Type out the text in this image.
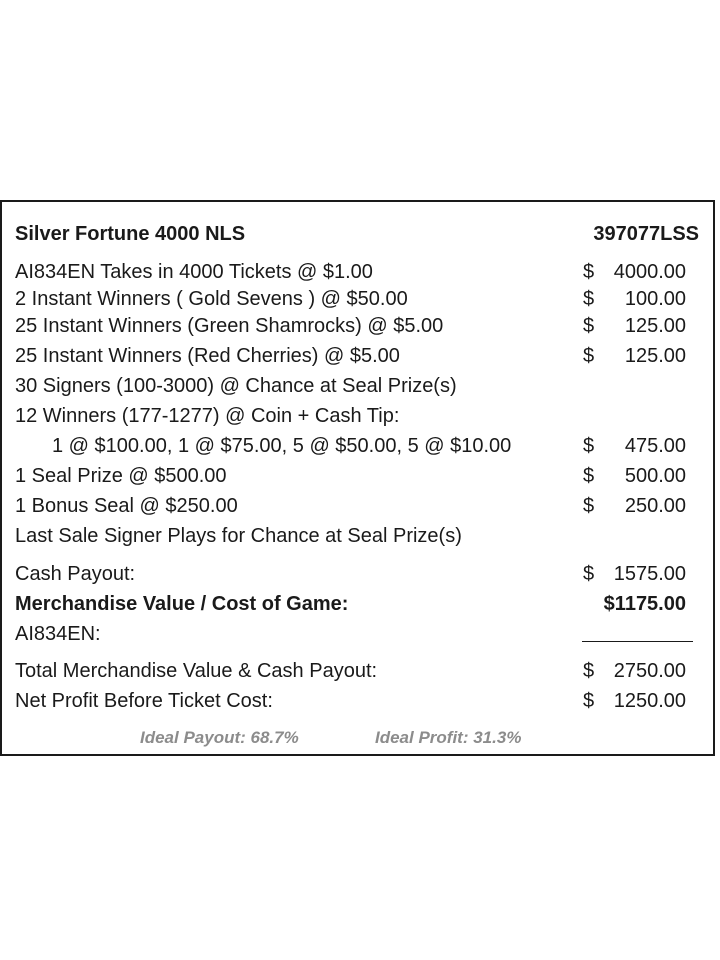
Silver Fortune 4000 NLS	397077LSS
AI834EN Takes in 4000 Tickets @ $1.00	$ 4000.00
2 Instant Winners ( Gold Sevens ) @ $50.00	$ 100.00
25 Instant Winners (Green Shamrocks) @ $5.00	$ 125.00
25 Instant Winners (Red Cherries) @ $5.00	$ 125.00
30 Signers (100-3000) @ Chance at Seal Prize(s)
12 Winners (177-1277) @ Coin + Cash Tip:
1 @ $100.00, 1 @ $75.00, 5 @ $50.00, 5 @ $10.00	$ 475.00
1 Seal Prize @ $500.00	$ 500.00
1 Bonus Seal @ $250.00	$ 250.00
Last Sale Signer Plays for Chance at Seal Prize(s)
Cash Payout:	$ 1575.00
Merchandise Value / Cost of Game:	$1175.00
AI834EN:
Total Merchandise Value & Cash Payout:	$ 2750.00
Net Profit Before Ticket Cost:	$ 1250.00
Ideal Payout: 68.7%	Ideal Profit: 31.3%
